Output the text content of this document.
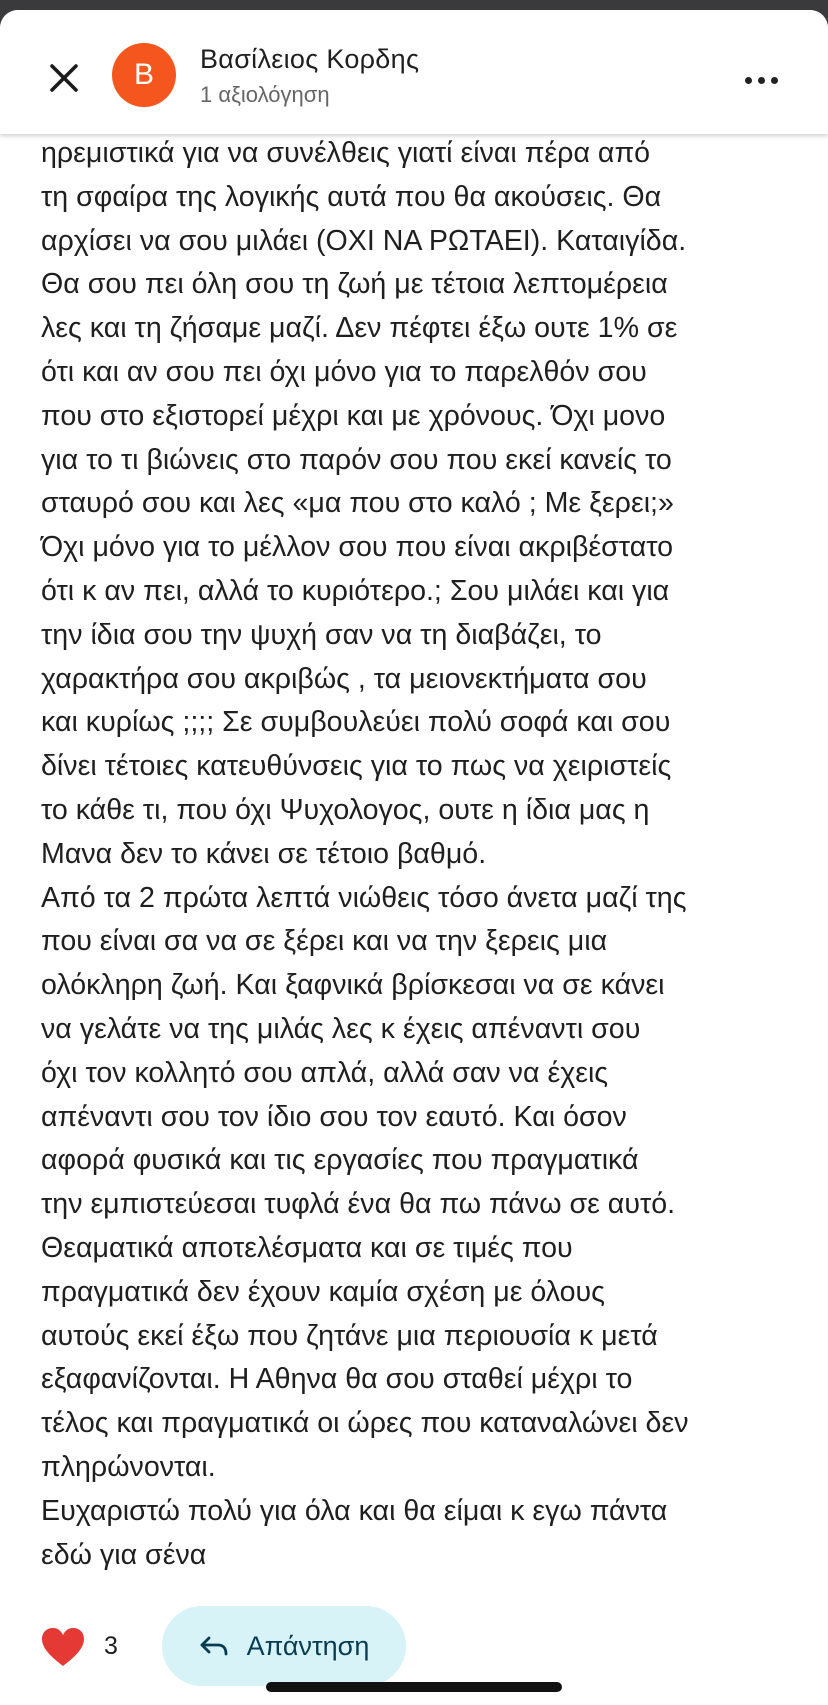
B	Βασίλειος Κορδης
1 αξιολόγηση

ηρεμιστικά για να συνέλθεις γιατί είναι πέρα από

τη σφαίρα της λογικής αυτά που θα ακούσεις. Θα

αρχίσει να σου μιλάει (ΟΧΙ ΝΑ ΡΩΤΑΕΙ). Καταιγίδα.

Θα σου πει όλη σου τη ζωή με τέτοια λεπτομέρεια

λες και τη ζήσαμε μαζί. Δεν πέφτει έξω ουτε 1% σε

ότι και αν σου πει όχι μόνο για το παρελθόν σου

που στο εξιστορεί μέχρι και με χρόνους. Όχι μονο

για το τι βιώνεις στο παρόν σου που εκεί κανείς το

σταυρό σου και λες «μα που στο καλό ; Με ξερει;»

Όχι μόνο για το μέλλον σου που είναι ακριβέστατο

ότι κ αν πει, αλλά το κυριότερο.; Σου μιλάει και για

την ίδια σου την ψυχή σαν να τη διαβάζει, το

χαρακτήρα σου ακριβώς , τα μειονεκτήματα σου

και κυρίως ;;;; Σε συμβουλεύει πολύ σοφά και σου

δίνει τέτοιες κατευθύνσεις για το πως να χειριστείς

το κάθε τι, που όχι Ψυχολογος, ουτε η ίδια μας η

Μανα δεν το κάνει σε τέτοιο βαθμό.

Από τα 2 πρώτα λεπτά νιώθεις τόσο άνετα μαζί της

που είναι σα να σε ξέρει και να την ξερεις μια

ολόκληρη ζωή. Και ξαφνικά βρίσκεσαι να σε κάνει

να γελάτε να της μιλάς λες κ έχεις απέναντι σου

όχι τον κολλητό σου απλά, αλλά σαν να έχεις

απέναντι σου τον ίδιο σου τον εαυτό. Και όσον

αφορά φυσικά και τις εργασίες που πραγματικά

την εμπιστεύεσαι τυφλά ένα θα πω πάνω σε αυτό.

Θεαματικά αποτελέσματα και σε τιμές που

πραγματικά δεν έχουν καμία σχέση με όλους

αυτούς εκεί έξω που ζητάνε μια περιουσία κ μετά

εξαφανίζονται. Η Αθηνα θα σου σταθεί μέχρι το

τέλος και πραγματικά οι ώρες που καταναλώνει δεν

πληρώνονται.

Ευχαριστώ πολύ για όλα και θα είμαι κ εγω πάντα

εδώ για σένα

3	Απάντηση
